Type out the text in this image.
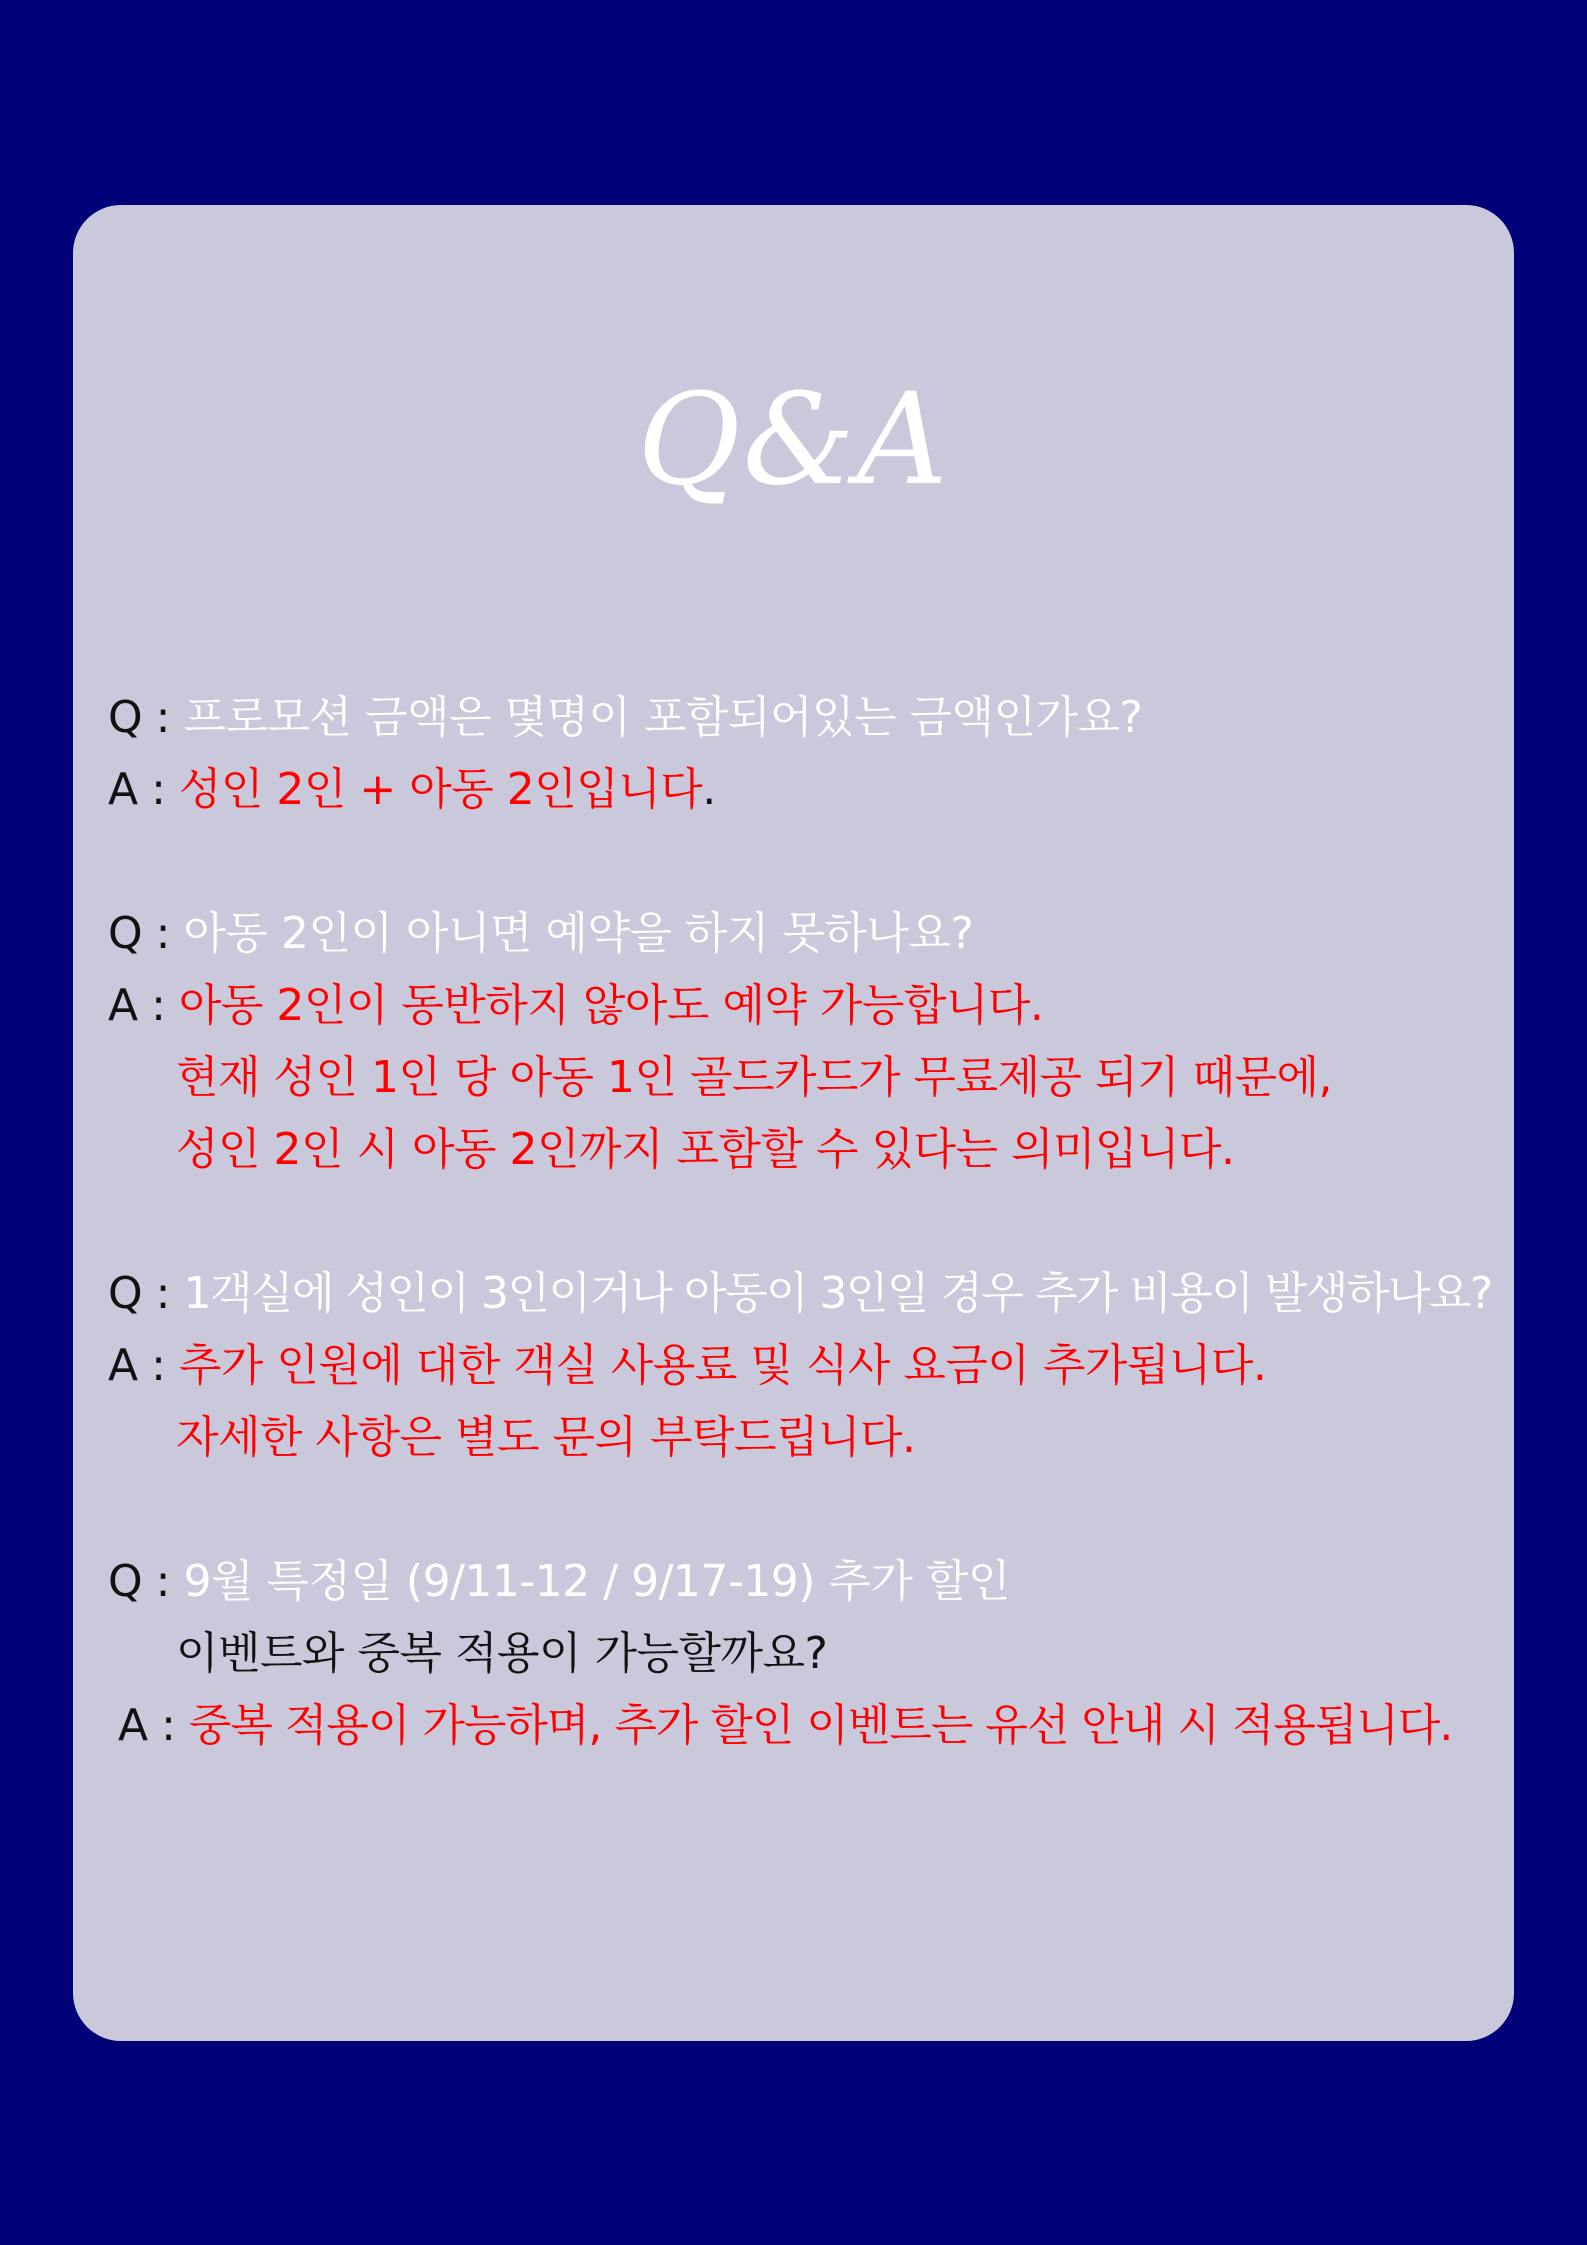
Q&A
Q : 프로모션 금액은 몇명이 포함되어있는 금액인가요?
A : 성인 2인 + 아동 2인입니다.
Q : 아동 2인이 아니면 예약을 하지 못하나요?
A : 아동 2인이 동반하지 않아도 예약 가능합니다.
현재 성인 1인 당 아동 1인 골드카드가 무료제공 되기 때문에,
성인 2인 시 아동 2인까지 포함할 수 있다는 의미입니다.
Q : 1객실에 성인이 3인이거나 아동이 3인일 경우 추가 비용이 발생하나요?
A : 추가 인원에 대한 객실 사용료 및 식사 요금이 추가됩니다.
자세한 사항은 별도 문의 부탁드립니다.
Q : 9월 특정일 (9/11-12 / 9/17-19) 추가 할인
이벤트와 중복 적용이 가능할까요?
A : 중복 적용이 가능하며, 추가 할인 이벤트는 유선 안내 시 적용됩니다.
